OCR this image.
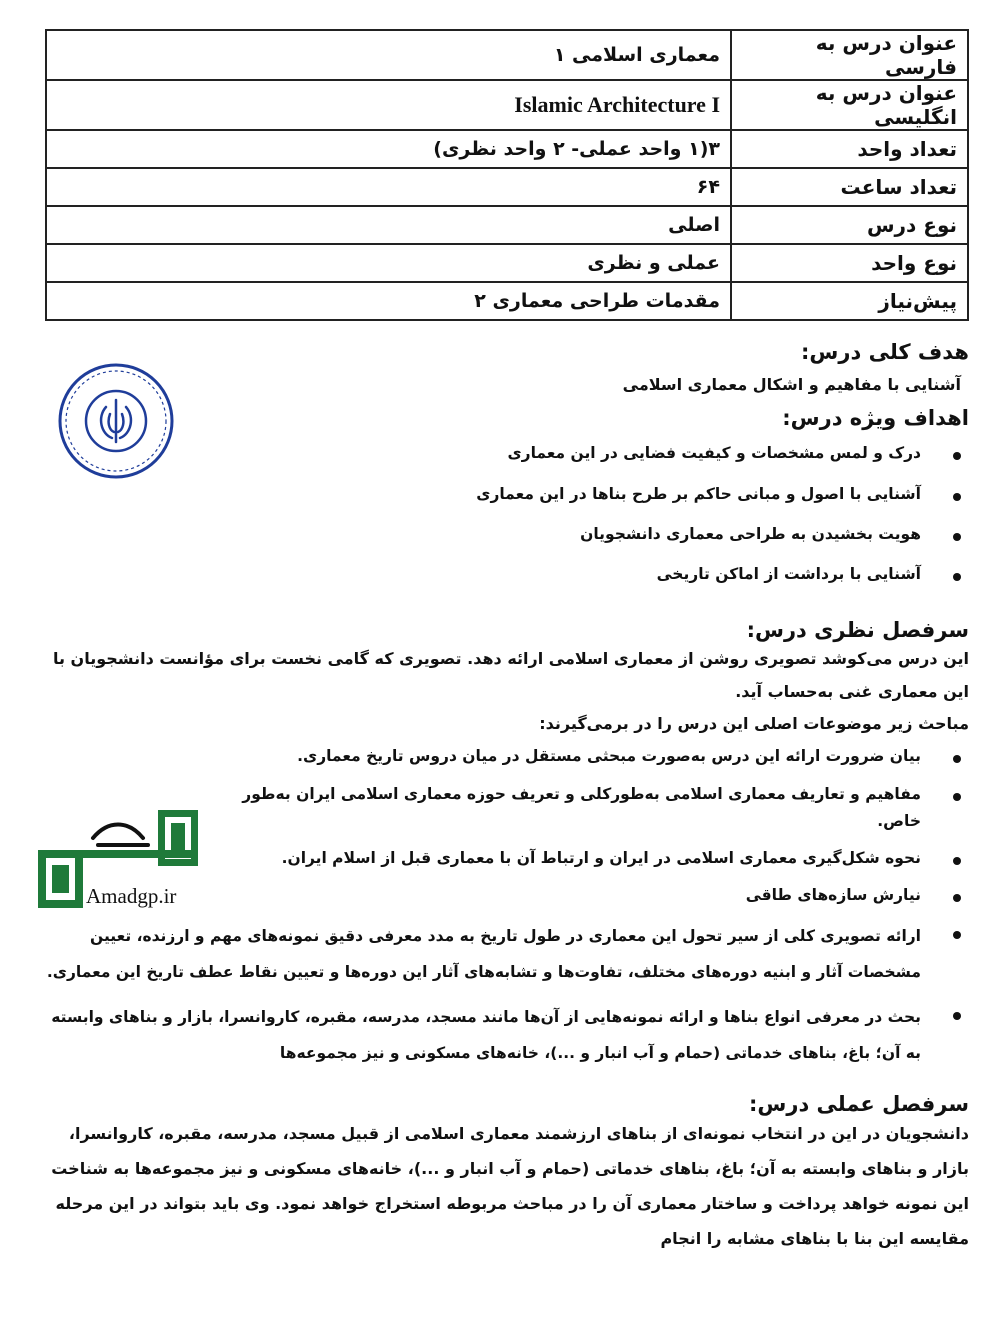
عنوان درس به فارسی	معماری اسلامی ۱
عنوان درس به انگلیسی	Islamic Architecture I
تعداد واحد	۳(۱ واحد عملی- ۲ واحد نظری)
تعداد ساعت	۶۴
نوع درس	اصلی
نوع واحد	عملی و نظری
پیش‌نیاز	مقدمات طراحی معماری ۲
Amadgp.ir
هدف کلی درس:

آشنایی با مفاهیم و اشکال معماری اسلامی

اهداف ویژه درس:
درک و لمس مشخصات و کیفیت فضایی در این معماری
آشنایی با اصول و مبانی حاکم بر طرح بناها در این معماری
هویت بخشیدن به طراحی معماری دانشجویان
آشنایی با برداشت از اماکن تاریخی
سرفصل نظری درس:

این درس می‌کوشد تصویری روشن از معماری اسلامی ارائه دهد. تصویری که گامی نخست برای مؤانست دانشجویان با این معماری غنی به‌حساب آید.

مباحث زیر موضوعات اصلی این درس را در برمی‌گیرند:

بیان ضرورت ارائه این درس به‌صورت مبحثی مستقل در میان دروس تاریخ معماری.
مفاهیم و تعاریف معماری اسلامی به‌طورکلی و تعریف حوزه معماری اسلامی ایران به‌طور خاص.
نحوه شکل‌گیری معماری اسلامی در ایران و ارتباط آن با معماری قبل از اسلام ایران.
نیارش سازه‌های طاقی
ارائه تصویری کلی از سیر تحول این معماری در طول تاریخ به مدد معرفی دقیق نمونه‌های مهم و ارزنده، تعیین مشخصات آثار و ابنیه دوره‌های مختلف، تفاوت‌ها و تشابه‌های آثار این دوره‌ها و تعیین نقاط عطف تاریخ این معماری.
بحث در معرفی انواع بناها و ارائه نمونه‌هایی از آن‌ها مانند مسجد، مدرسه، مقبره، کاروانسرا، بازار و بناهای وابسته به آن؛ باغ، بناهای خدماتی (حمام و آب انبار و ...)، خانه‌های مسکونی و نیز مجموعه‌ها
سرفصل عملی درس:

دانشجویان در این در انتخاب نمونه‌ای از بناهای ارزشمند معماری اسلامی از قبیل مسجد، مدرسه، مقبره، کاروانسرا، بازار و بناهای وابسته به آن؛ باغ، بناهای خدماتی (حمام و آب انبار و ...)، خانه‌های مسکونی و نیز مجموعه‌ها به شناخت این نمونه خواهد پرداخت و ساختار معماری آن را در مباحث مربوطه استخراج خواهد نمود. وی باید بتواند در این مرحله مقایسه این بنا با بناهای مشابه را انجام
